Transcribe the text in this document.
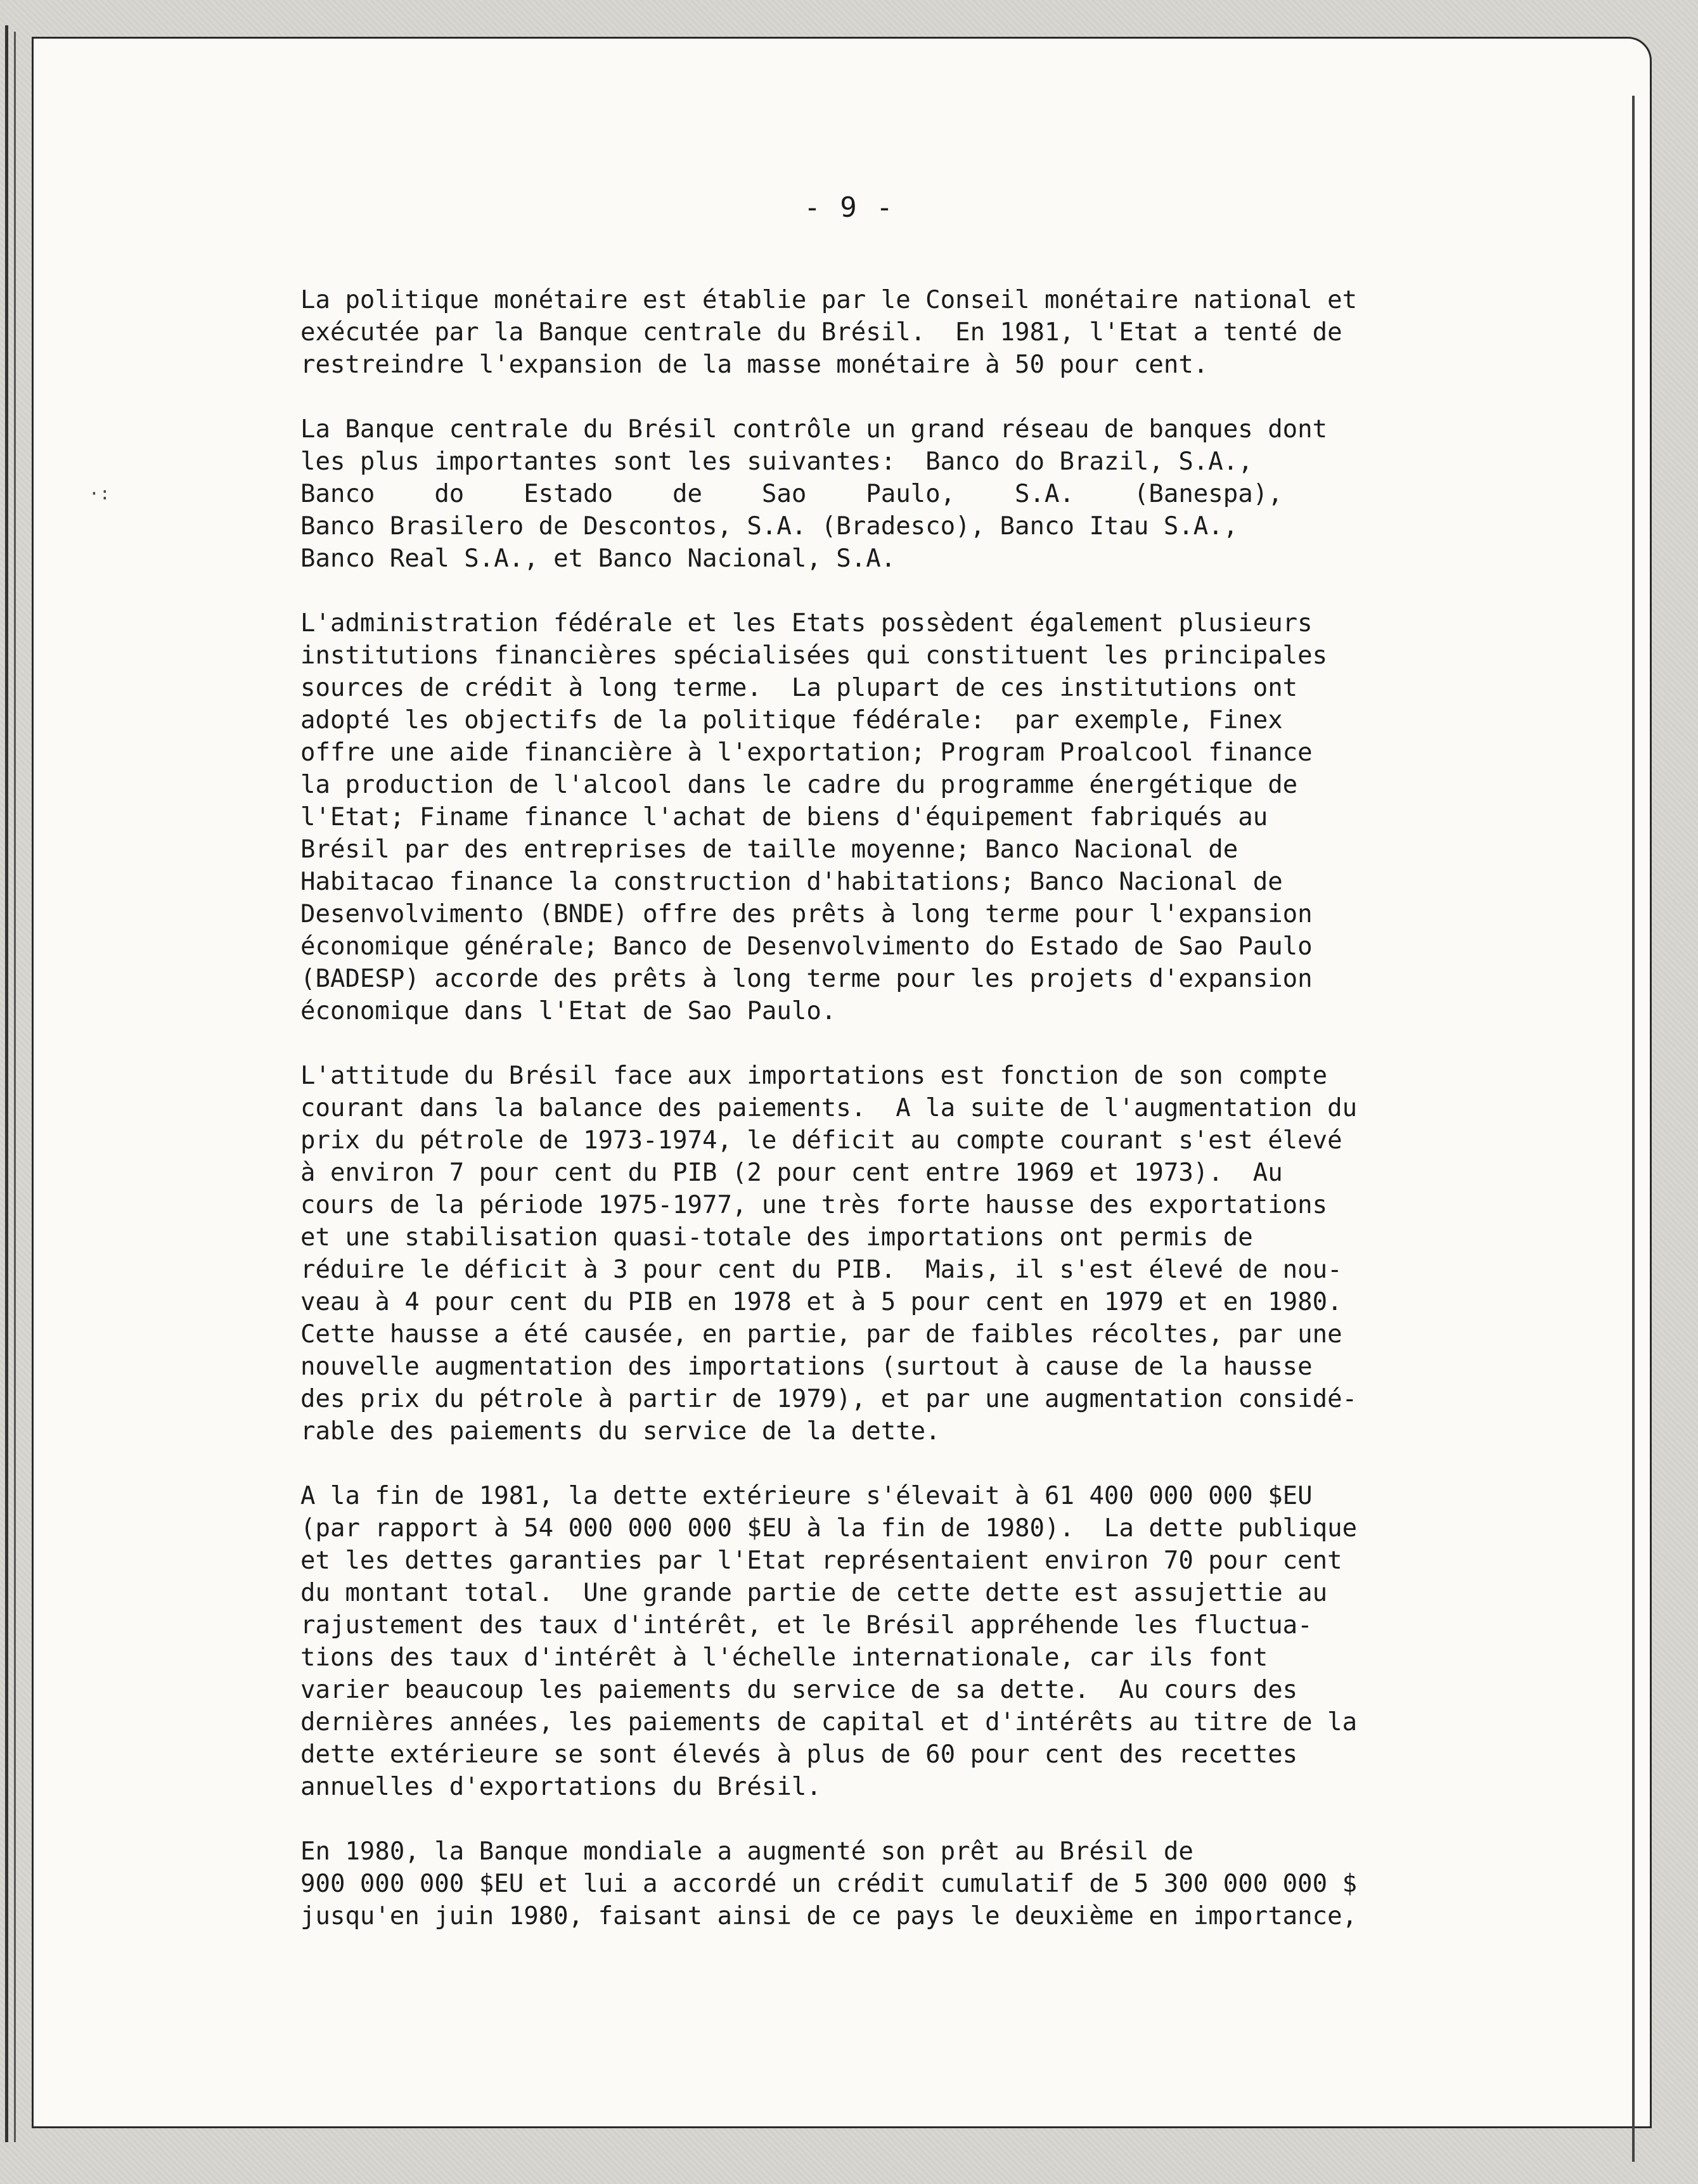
·:
- 9 -
La politique monétaire est établie par le Conseil monétaire national et
exécutée par la Banque centrale du Brésil.  En 1981, l'Etat a tenté de
restreindre l'expansion de la masse monétaire à 50 pour cent.
La Banque centrale du Brésil contrôle un grand réseau de banques dont
les plus importantes sont les suivantes:  Banco do Brazil, S.A.,
Banco    do    Estado    de    Sao    Paulo,    S.A.    (Banespa),
Banco Brasilero de Descontos, S.A. (Bradesco), Banco Itau S.A.,
Banco Real S.A., et Banco Nacional, S.A.
L'administration fédérale et les Etats possèdent également plusieurs
institutions financières spécialisées qui constituent les principales
sources de crédit à long terme.  La plupart de ces institutions ont
adopté les objectifs de la politique fédérale:  par exemple, Finex
offre une aide financière à l'exportation; Program Proalcool finance
la production de l'alcool dans le cadre du programme énergétique de
l'Etat; Finame finance l'achat de biens d'équipement fabriqués au
Brésil par des entreprises de taille moyenne; Banco Nacional de
Habitacao finance la construction d'habitations; Banco Nacional de
Desenvolvimento (BNDE) offre des prêts à long terme pour l'expansion
économique générale; Banco de Desenvolvimento do Estado de Sao Paulo
(BADESP) accorde des prêts à long terme pour les projets d'expansion
économique dans l'Etat de Sao Paulo.
L'attitude du Brésil face aux importations est fonction de son compte
courant dans la balance des paiements.  A la suite de l'augmentation du
prix du pétrole de 1973-1974, le déficit au compte courant s'est élevé
à environ 7 pour cent du PIB (2 pour cent entre 1969 et 1973).  Au
cours de la période 1975-1977, une très forte hausse des exportations
et une stabilisation quasi-totale des importations ont permis de
réduire le déficit à 3 pour cent du PIB.  Mais, il s'est élevé de nou-
veau à 4 pour cent du PIB en 1978 et à 5 pour cent en 1979 et en 1980.
Cette hausse a été causée, en partie, par de faibles récoltes, par une
nouvelle augmentation des importations (surtout à cause de la hausse
des prix du pétrole à partir de 1979), et par une augmentation considé-
rable des paiements du service de la dette.
A la fin de 1981, la dette extérieure s'élevait à 61 400 000 000 $EU
(par rapport à 54 000 000 000 $EU à la fin de 1980).  La dette publique
et les dettes garanties par l'Etat représentaient environ 70 pour cent
du montant total.  Une grande partie de cette dette est assujettie au
rajustement des taux d'intérêt, et le Brésil appréhende les fluctua-
tions des taux d'intérêt à l'échelle internationale, car ils font
varier beaucoup les paiements du service de sa dette.  Au cours des
dernières années, les paiements de capital et d'intérêts au titre de la
dette extérieure se sont élevés à plus de 60 pour cent des recettes
annuelles d'exportations du Brésil.
En 1980, la Banque mondiale a augmenté son prêt au Brésil de
900 000 000 $EU et lui a accordé un crédit cumulatif de 5 300 000 000 $
jusqu'en juin 1980, faisant ainsi de ce pays le deuxième en importance,
